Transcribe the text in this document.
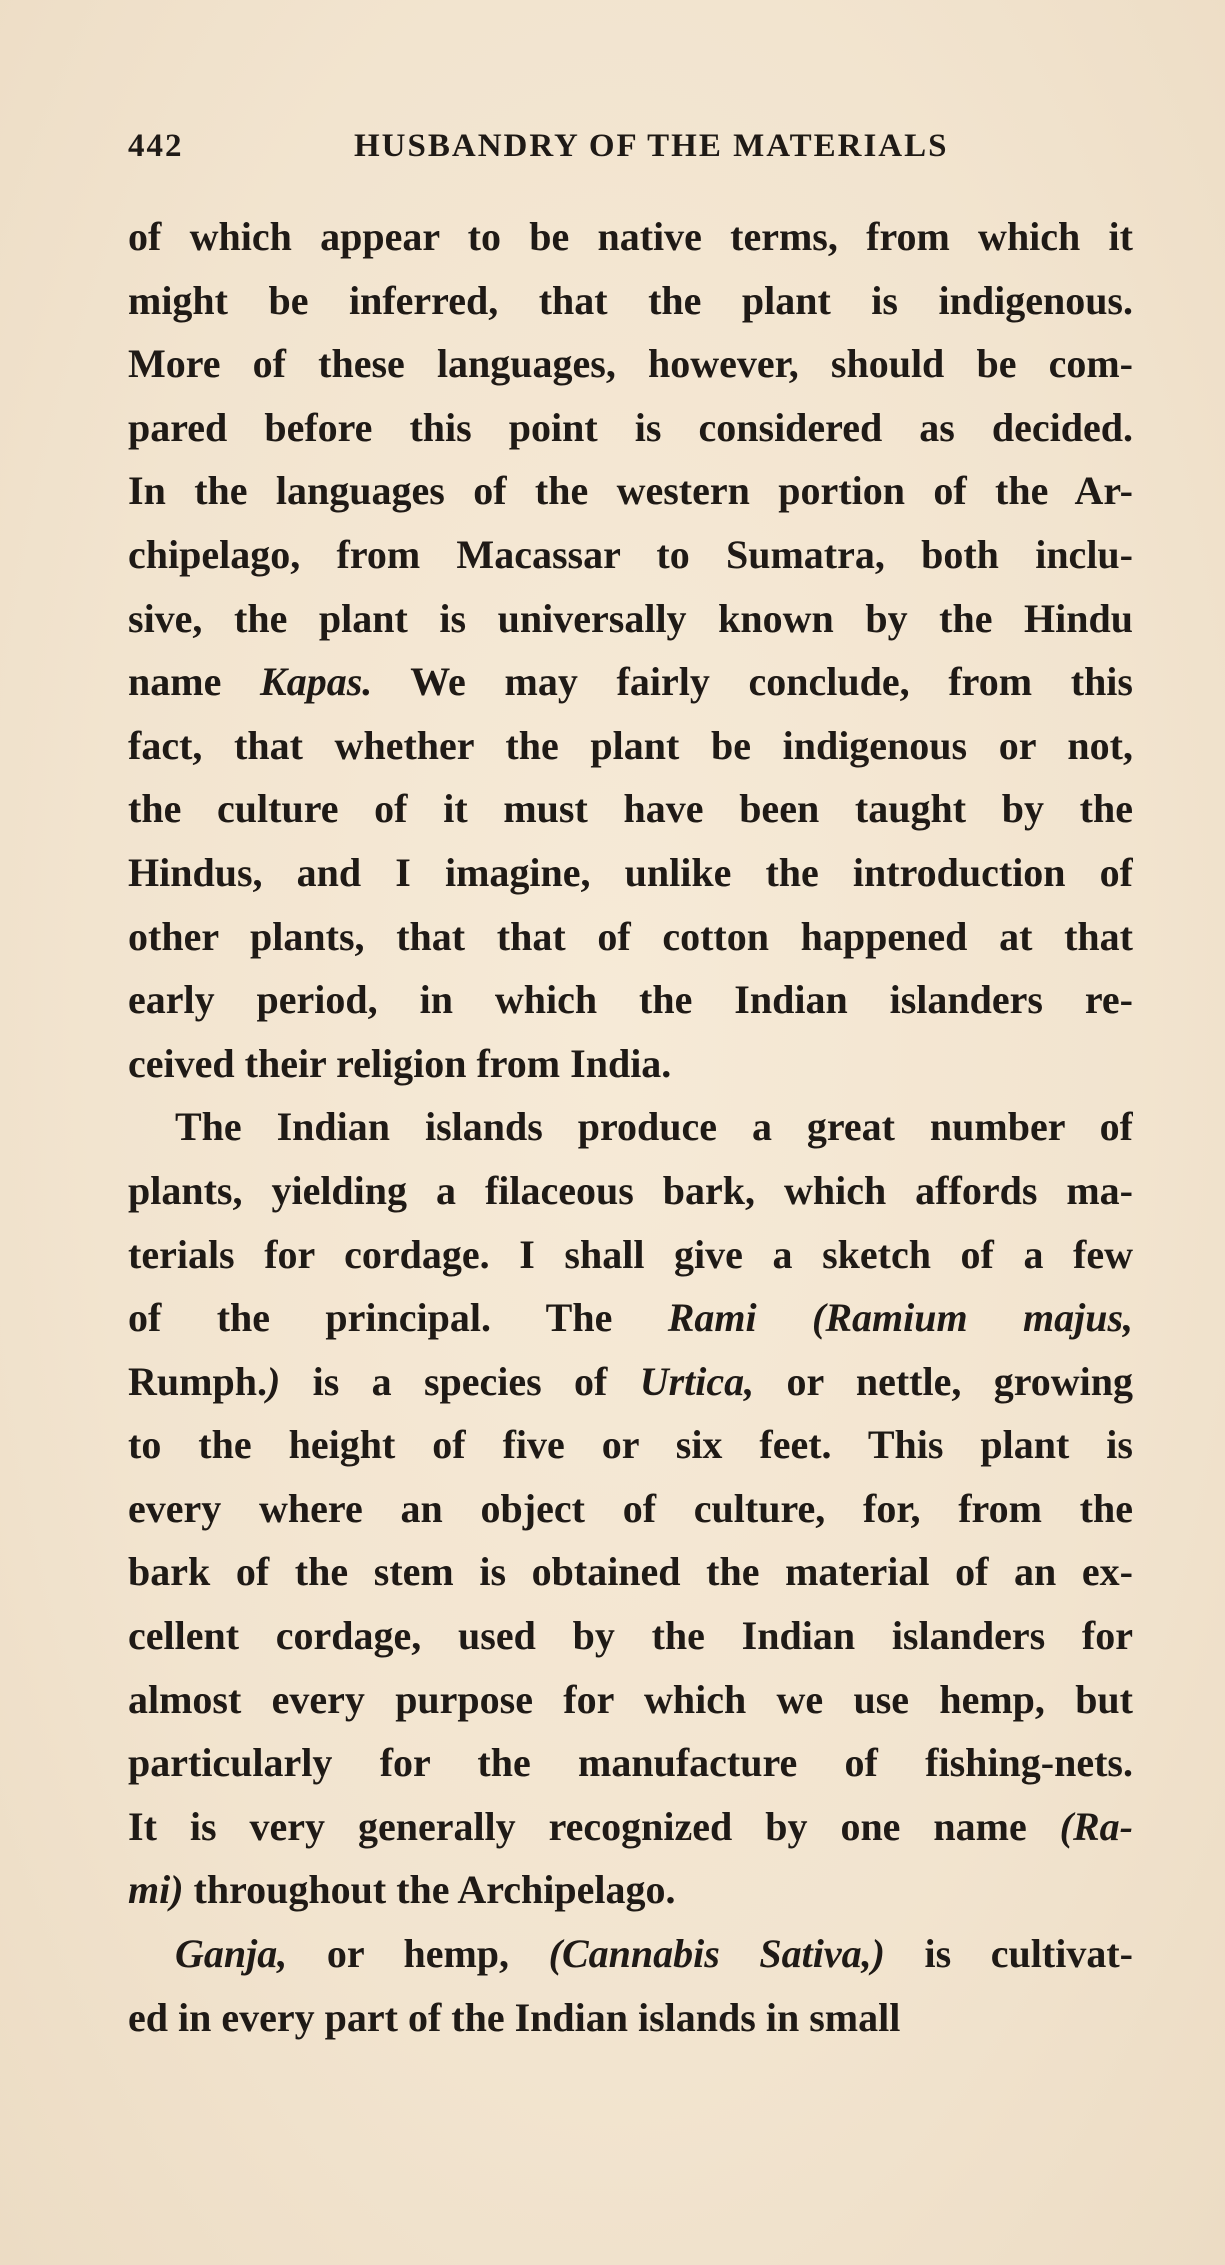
442	HUSBANDRY OF THE MATERIALS
of which appear to be native terms, from which it
might be inferred, that the plant is indigenous.
More of these languages, however, should be com-
pared before this point is considered as decided.
In the languages of the western portion of the Ar-
chipelago, from Macassar to Sumatra, both inclu-
sive, the plant is universally known by the Hindu
name Kapas. We may fairly conclude, from this
fact, that whether the plant be indigenous or not,
the culture of it must have been taught by the
Hindus, and I imagine, unlike the introduction of
other plants, that that of cotton happened at that
early period, in which the Indian islanders re-
ceived their religion from India.
The Indian islands produce a great number of
plants, yielding a filaceous bark, which affords ma-
terials for cordage. I shall give a sketch of a few
of the principal. The Rami (Ramium majus,
Rumph.) is a species of Urtica, or nettle, growing
to the height of five or six feet. This plant is
every where an object of culture, for, from the
bark of the stem is obtained the material of an ex-
cellent cordage, used by the Indian islanders for
almost every purpose for which we use hemp, but
particularly for the manufacture of fishing-nets.
It is very generally recognized by one name (Ra-
mi) throughout the Archipelago.
Ganja, or hemp, (Cannabis Sativa,) is cultivat-
ed in every part of the Indian islands in small
